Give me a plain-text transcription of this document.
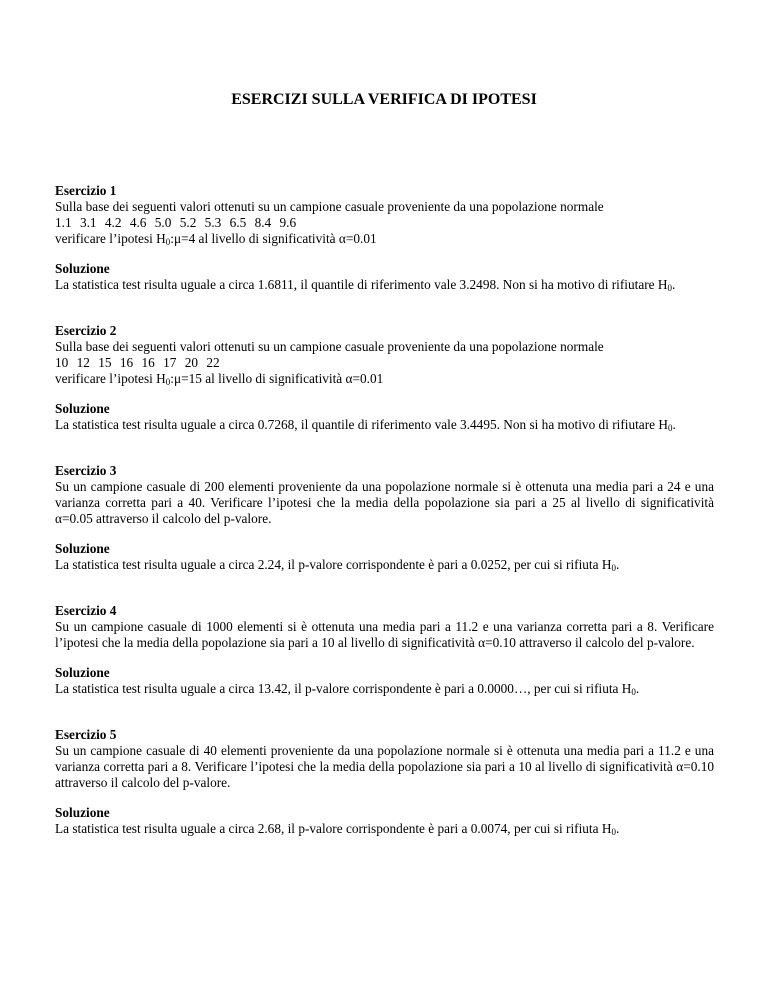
ESERCIZI SULLA VERIFICA DI IPOTESI

Esercizio 1

Sulla base dei seguenti valori ottenuti su un campione casuale proveniente da una popolazione normale

1.1 3.1 4.2 4.6 5.0 5.2 5.3 6.5 8.4 9.6

verificare l’ipotesi $H_0:\mu=4$ al livello di significatività α=0.01

Soluzione

La statistica test risulta uguale a circa 1.6811, il quantile di riferimento vale 3.2498. Non si ha motivo di rifiutare $H_0$.

Esercizio 2

Sulla base dei seguenti valori ottenuti su un campione casuale proveniente da una popolazione normale

10 12 15 16 16 17 20 22

verificare l’ipotesi $H_0:\mu=15$ al livello di significatività α=0.01

Soluzione

La statistica test risulta uguale a circa 0.7268, il quantile di riferimento vale 3.4495. Non si ha motivo di rifiutare $H_0$.

Esercizio 3

Su un campione casuale di 200 elementi proveniente da una popolazione normale si è ottenuta una media pari a 24 e una varianza corretta pari a 40. Verificare l’ipotesi che la media della popolazione sia pari a 25 al livello di significatività α=0.05 attraverso il calcolo del p-valore.

Soluzione

La statistica test risulta uguale a circa 2.24, il p-valore corrispondente è pari a 0.0252, per cui si rifiuta $H_0$.

Esercizio 4

Su un campione casuale di 1000 elementi si è ottenuta una media pari a 11.2 e una varianza corretta pari a 8. Verificare l’ipotesi che la media della popolazione sia pari a 10 al livello di significatività α=0.10 attraverso il calcolo del p-valore.

Soluzione

La statistica test risulta uguale a circa 13.42, il p-valore corrispondente è pari a 0.0000…, per cui si rifiuta $H_0$.

Esercizio 5

Su un campione casuale di 40 elementi proveniente da una popolazione normale si è ottenuta una media pari a 11.2 e una varianza corretta pari a 8. Verificare l’ipotesi che la media della popolazione sia pari a 10 al livello di significatività α=0.10 attraverso il calcolo del p-valore.

Soluzione

La statistica test risulta uguale a circa 2.68, il p-valore corrispondente è pari a 0.0074, per cui si rifiuta $H_0$.
